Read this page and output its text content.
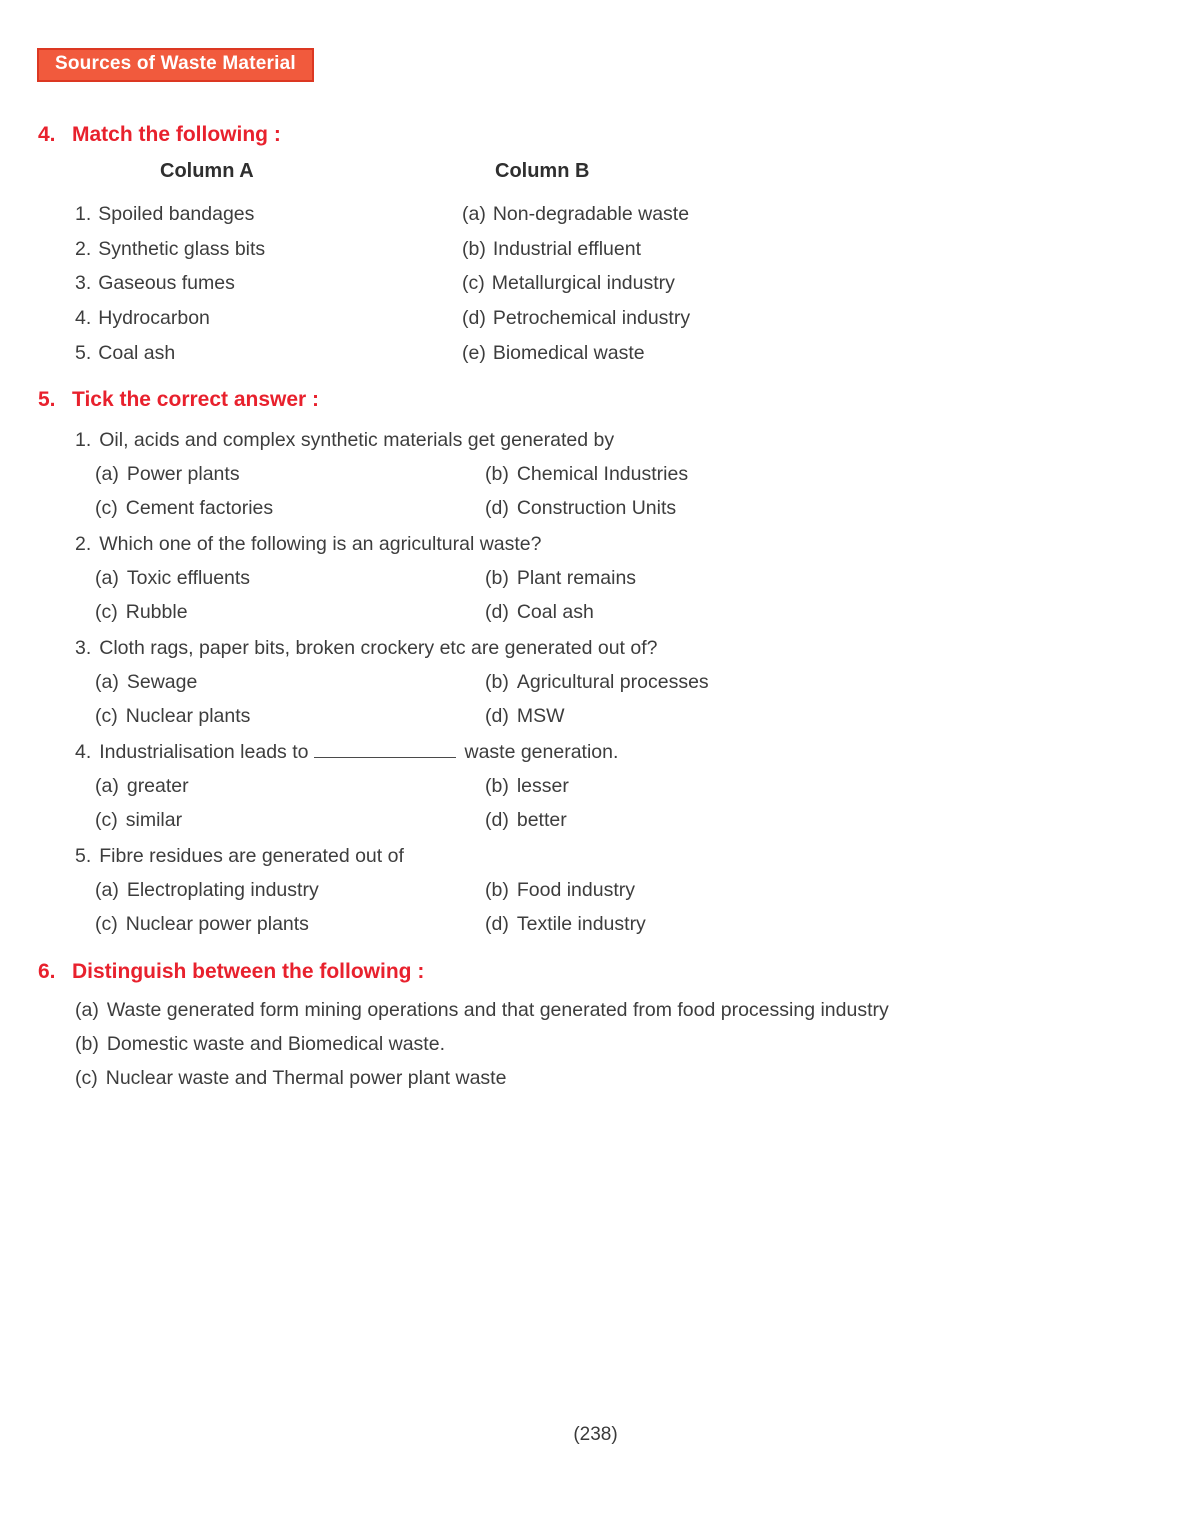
Sources of Waste Material
4. Match the following :
Column A	Column B
1. Spoiled bandages	(a) Non-degradable waste
2. Synthetic glass bits	(b) Industrial effluent
3. Gaseous fumes	(c) Metallurgical industry
4. Hydrocarbon	(d) Petrochemical industry
5. Coal ash	(e) Biomedical waste
5. Tick the correct answer :
1. Oil, acids and complex synthetic materials get generated by
(a) Power plants	(b) Chemical Industries
(c) Cement factories	(d) Construction Units
2. Which one of the following is an agricultural waste?
(a) Toxic effluents	(b) Plant remains
(c) Rubble	(d) Coal ash
3. Cloth rags, paper bits, broken crockery etc are generated out of?
(a) Sewage	(b) Agricultural processes
(c) Nuclear plants	(d) MSW
4. Industrialisation leads to	waste generation.
(a) greater	(b) lesser
(c) similar	(d) better
5. Fibre residues are generated out of
(a) Electroplating industry	(b) Food industry
(c) Nuclear power plants	(d) Textile industry
6. Distinguish between the following :
(a) Waste generated form mining operations and that generated from food processing industry
(b) Domestic waste and Biomedical waste.
(c) Nuclear waste and Thermal power plant waste
(238)
